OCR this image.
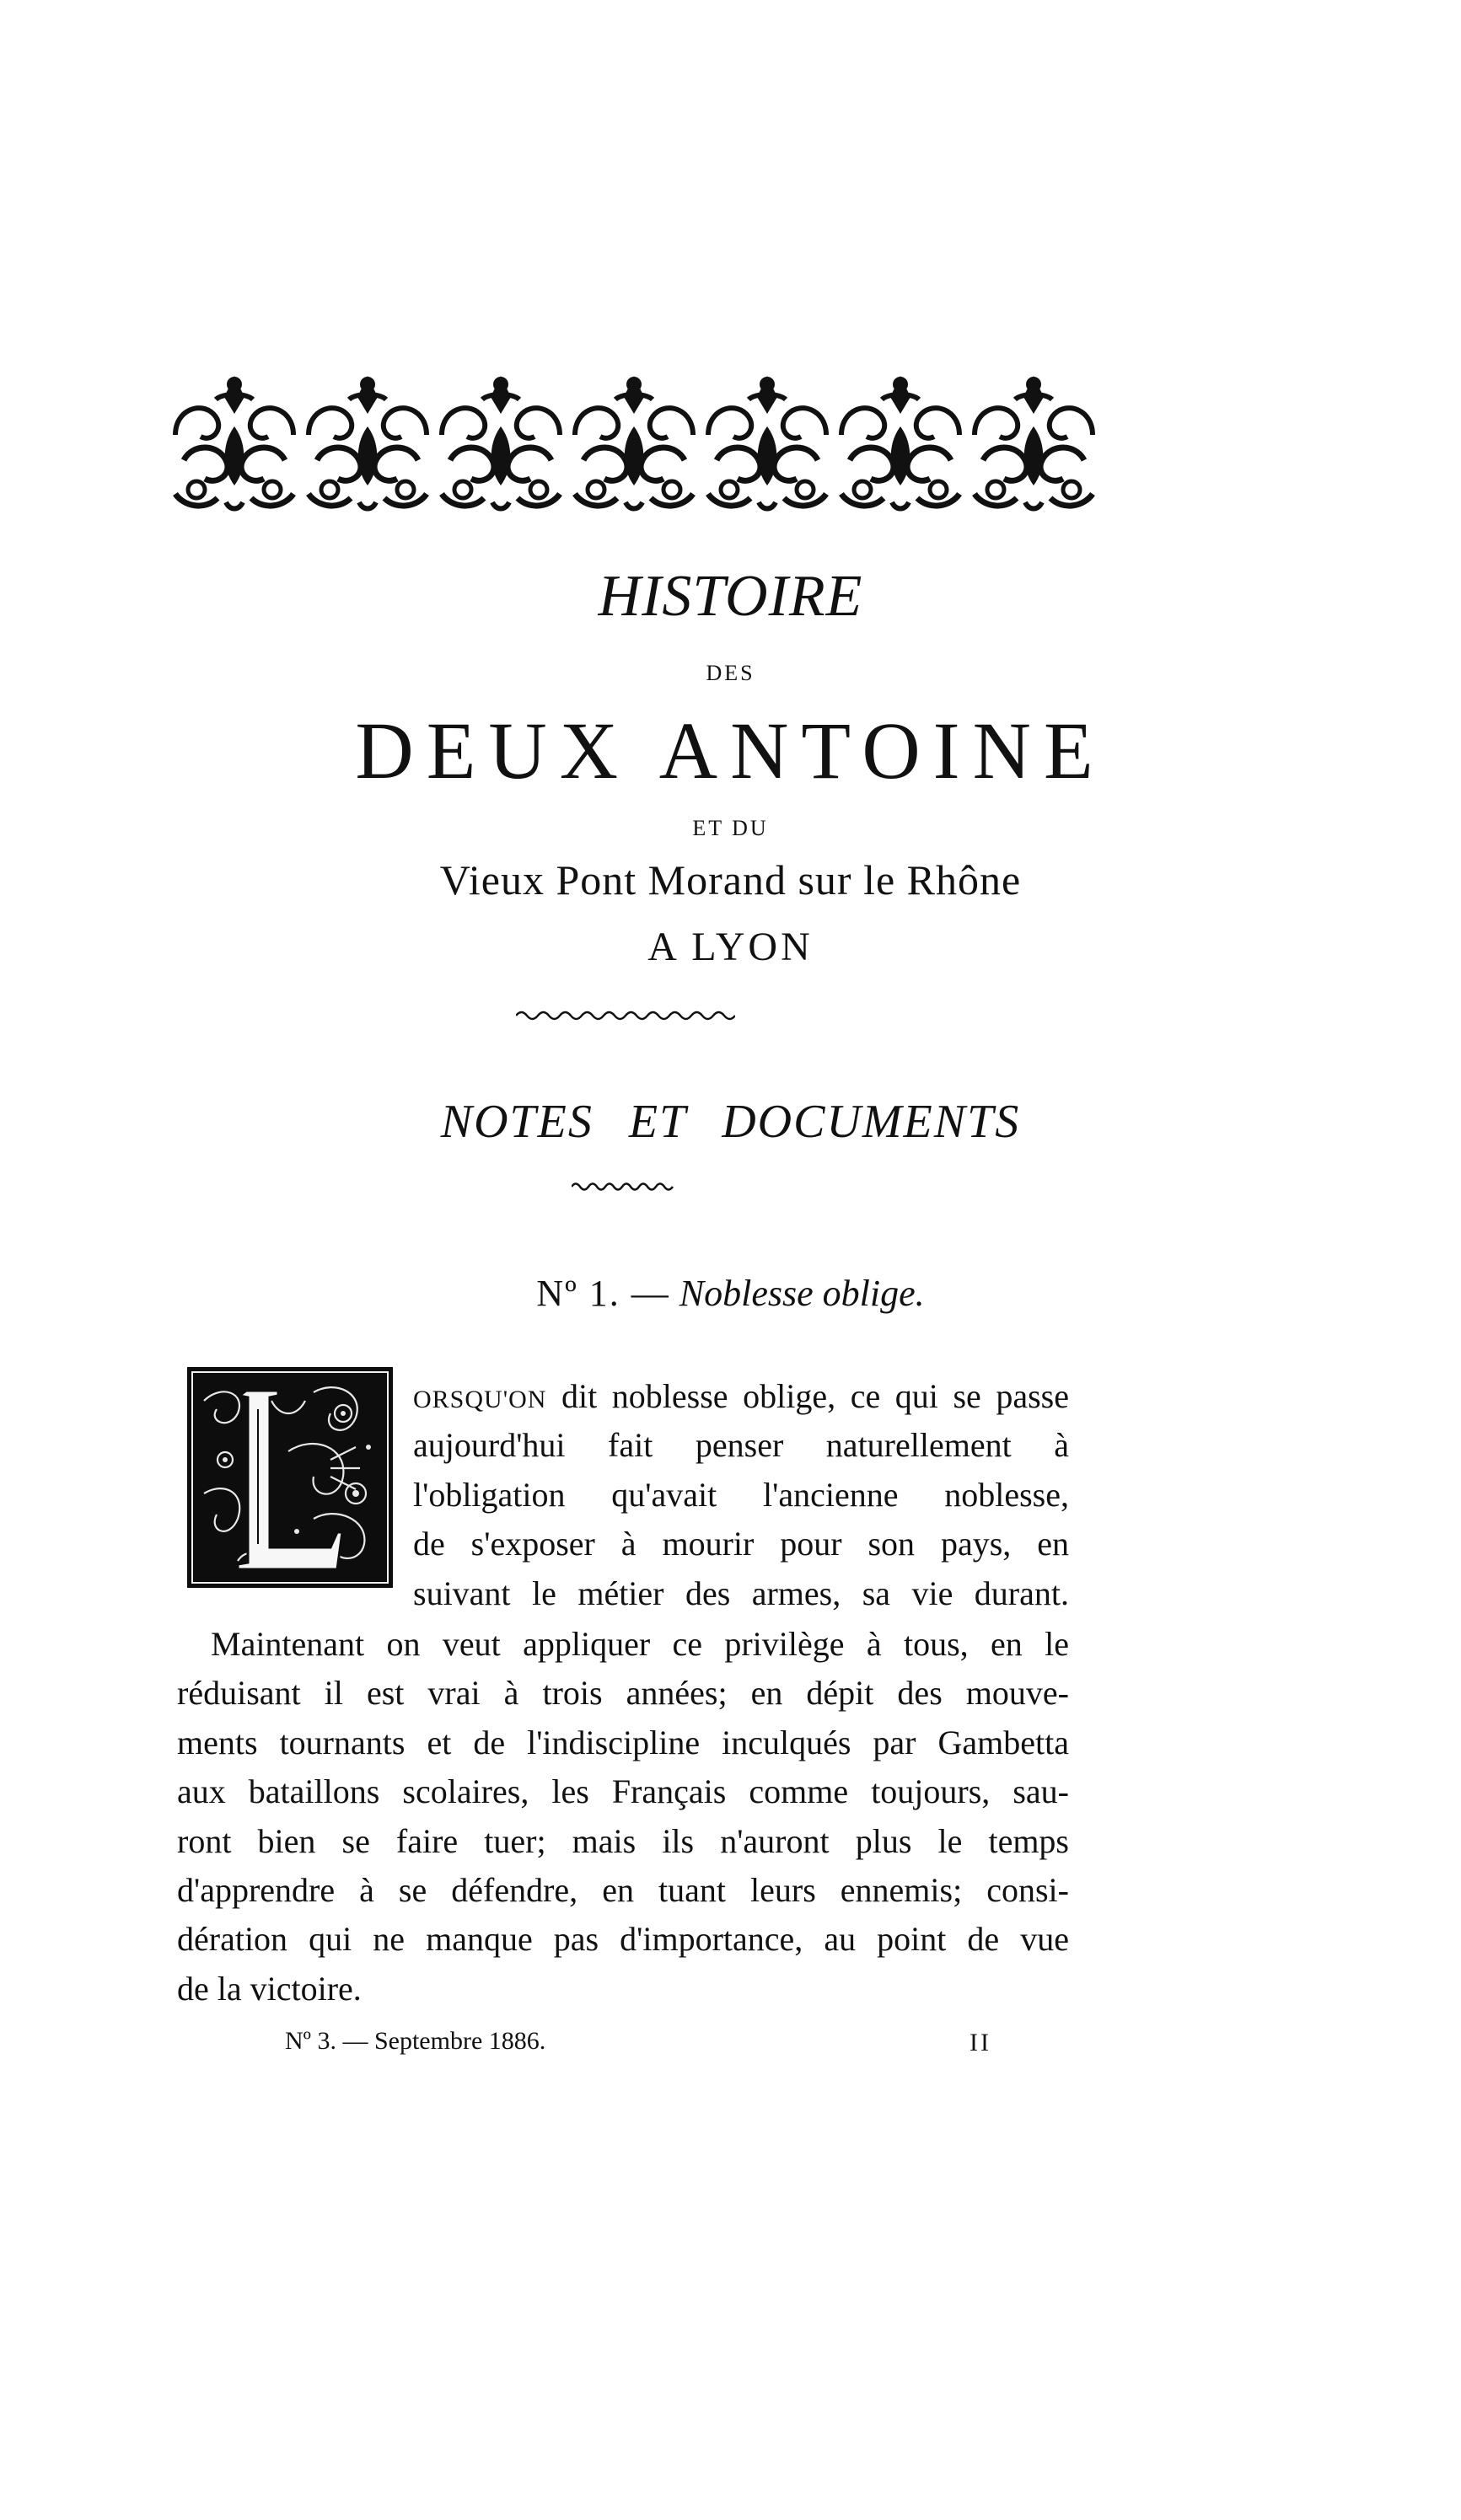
HISTOIRE

DES

DEUX ANTOINE

ET DU

Vieux Pont Morand sur le Rhône

A LYON

NOTES ET DOCUMENTS

Nº 1. — Noblesse oblige.

ORSQU'ON dit noblesse oblige, ce qui se passe
aujourd'hui fait penser naturellement à
l'obligation qu'avait l'ancienne noblesse,
de s'exposer à mourir pour son pays, en
suivant le métier des armes, sa vie durant.
Maintenant on veut appliquer ce privilège à tous, en le
réduisant il est vrai à trois années; en dépit des mouve-
ments tournants et de l'indiscipline inculqués par Gambetta
aux bataillons scolaires, les Français comme toujours, sau-
ront bien se faire tuer; mais ils n'auront plus le temps
d'apprendre à se défendre, en tuant leurs ennemis; consi-
dération qui ne manque pas d'importance, au point de vue
de la victoire.
Nº 3. — Septembre 1886.	II
